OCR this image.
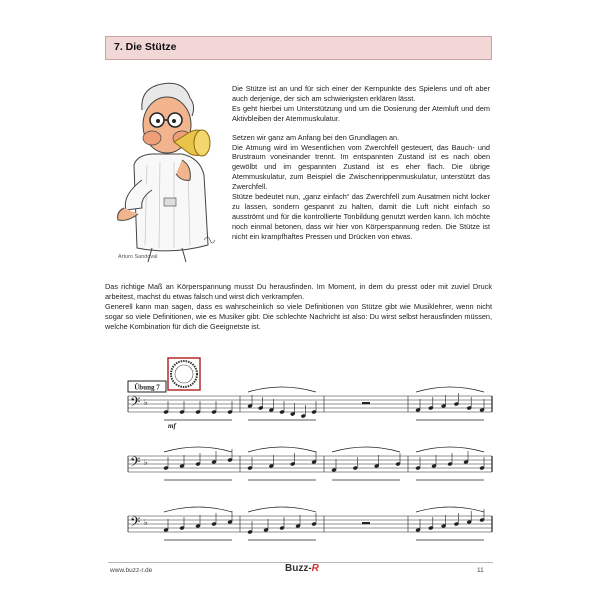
7. Die Stütze
Arturo Sandoval

Die Stütze ist an und für sich einer der Kernpunkte des Spielens und oft aber auch derjenige, der sich am schwierigsten erklären lässt.

Es geht hierbei um Unterstützung und um die Dosierung der Atemluft und dem Aktivbleiben der Atemmuskulatur.

Setzen wir ganz am Anfang bei den Grundlagen an.

Die Atmung wird im Wesentlichen vom Zwerchfell gesteuert, das Bauch- und Brustraum voneinander trennt. Im entspannten Zustand ist es nach oben gewölbt und im gespannten Zustand ist es eher flach. Die übrige Atemmuskulatur, zum Beispiel die Zwischenrippenmuskulatur, unterstützt das Zwerchfell.

Stütze bedeutet nun, „ganz einfach“ das Zwerchfell zum Ausatmen nicht locker zu lassen, sondern gespannt zu halten, damit die Luft nicht einfach so ausströmt und für die kontrollierte Tonbildung genutzt werden kann. Ich möchte noch einmal betonen, dass wir hier von Körperspannung reden. Die Stütze ist nicht ein krampfhaftes Pressen und Drücken von etwas.

Das richtige Maß an Körperspannung musst Du herausfinden. Im Moment, in dem du presst oder mit zuviel Druck arbeitest, machst du etwas falsch und wirst dich verkrampfen.

Generell kann man sagen, dass es wahrscheinlich so viele Definitionen von Stütze gibt wie Musiklehrer, wenn nicht sogar so viele Definitionen, wie es Musiker gibt. Die schlechte Nachricht ist also: Du wirst selbst herausfinden müssen, welche Kombination für dich die Geeignetste ist.

Übung 7
𝄢 ♭
𝄢 ♭
𝄢 ♭
mf
www.buzz-r.de	Buzz-R	11
